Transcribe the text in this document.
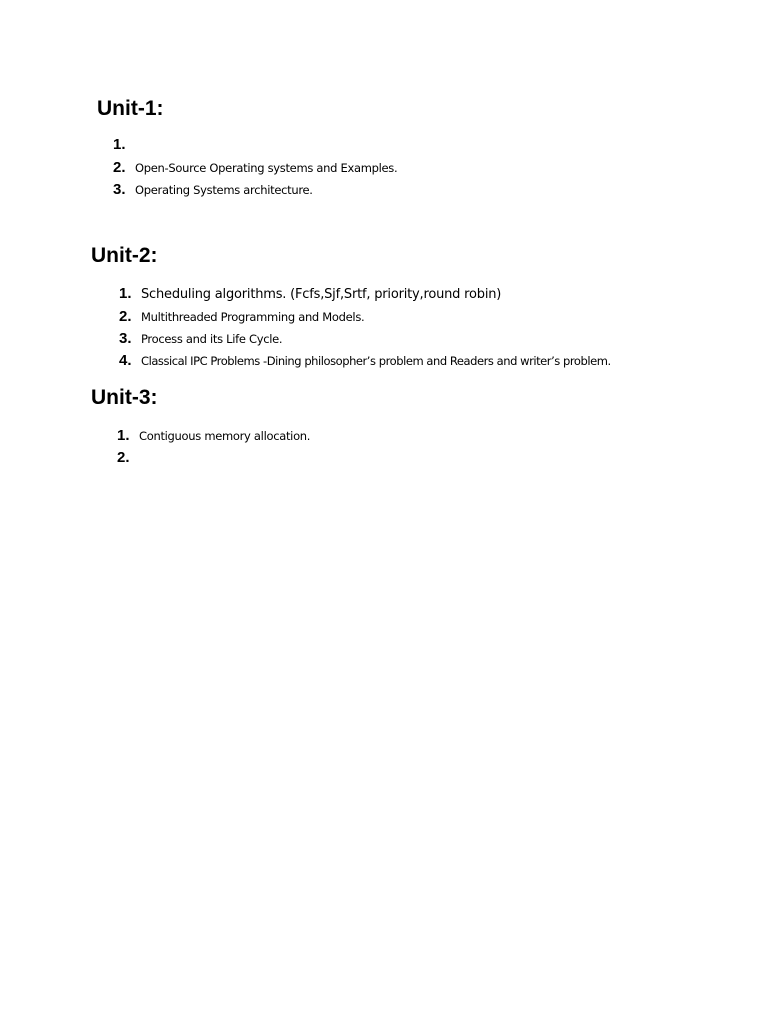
Unit-1:
1.
2. Open-Source Operating systems and Examples.
3. Operating Systems architecture.
Unit-2:
1. Scheduling algorithms. (Fcfs,Sjf,Srtf, priority,round robin)
2. Multithreaded Programming and Models.
3. Process and its Life Cycle.
4. Classical IPC Problems -Dining philosopher’s problem and Readers and writer’s problem.
Unit-3:
1. Contiguous memory allocation.
2.
